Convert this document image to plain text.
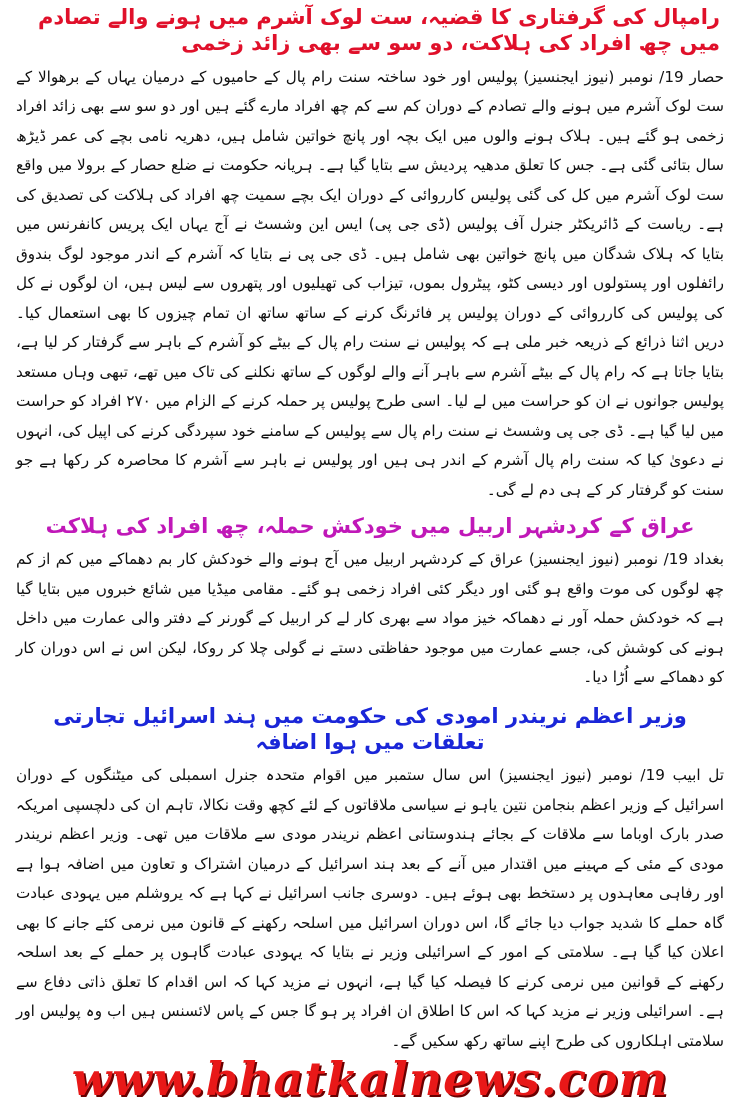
رامپال کی گرفتاری کا قضیہ، ست لوک آشرم میں ہونے والے تصادم میں چھ افراد کی ہلاکت، دو سو سے بھی زائد زخمی

حصار 19/ نومبر (نیوز ایجنسیز) پولیس اور خود ساختہ سنت رام پال کے حامیوں کے درمیان یہاں کے برھوالا کے ست لوک آشرم میں ہونے والے تصادم کے دوران کم سے کم چھ افراد مارے گئے ہیں اور دو سو سے بھی زائد افراد زخمی ہو گئے ہیں۔ ہلاک ہونے والوں میں ایک بچہ اور پانچ خواتین شامل ہیں، دھریہ نامی بچے کی عمر ڈیڑھ سال بتائی گئی ہے۔ جس کا تعلق مدھیہ پردیش سے بتایا گیا ہے۔ ہریانہ حکومت نے ضلع حصار کے برولا میں واقع ست لوک آشرم میں کل کی گئی پولیس کارروائی کے دوران ایک بچے سمیت چھ افراد کی ہلاکت کی تصدیق کی ہے۔ ریاست کے ڈائریکٹر جنرل آف پولیس (ڈی جی پی) ایس این وشسٹ نے آج یہاں ایک پریس کانفرنس میں بتایا کہ ہلاک شدگان میں پانچ خواتین بھی شامل ہیں۔ ڈی جی پی نے بتایا کہ آشرم کے اندر موجود لوگ بندوق رائفلوں اور پستولوں اور دیسی کٹو، پیٹرول بموں، تیزاب کی تھیلیوں اور پتھروں سے لیس ہیں، ان لوگوں نے کل کی پولیس کی کارروائی کے دوران پولیس پر فائرنگ کرنے کے ساتھ ساتھ ان تمام چیزوں کا بھی استعمال کیا۔ دریں اثنا ذرائع کے ذریعہ خبر ملی ہے کہ پولیس نے سنت رام پال کے بیٹے کو آشرم کے باہر سے گرفتار کر لیا ہے، بتایا جاتا ہے کہ رام پال کے بیٹے آشرم سے باہر آنے والے لوگوں کے ساتھ نکلنے کی تاک میں تھے، تبھی وہاں مستعد پولیس جوانوں نے ان کو حراست میں لے لیا۔ اسی طرح پولیس پر حملہ کرنے کے الزام میں ۲۷۰ افراد کو حراست میں لیا گیا ہے۔ ڈی جی پی وشسٹ نے سنت رام پال سے پولیس کے سامنے خود سپردگی کرنے کی اپیل کی، انہوں نے دعویٰ کیا کہ سنت رام پال آشرم کے اندر ہی ہیں اور پولیس نے باہر سے آشرم کا محاصرہ کر رکھا ہے جو سنت کو گرفتار کر کے ہی دم لے گی۔

عراق کے کردشہر اربیل میں خودکش حملہ، چھ افراد کی ہلاکت

بغداد 19/ نومبر (نیوز ایجنسیز) عراق کے کردشہر اربیل میں آج ہونے والے خودکش کار بم دھماکے میں کم از کم چھ لوگوں کی موت واقع ہو گئی اور دیگر کئی افراد زخمی ہو گئے۔ مقامی میڈیا میں شائع خبروں میں بتایا گیا ہے کہ خودکش حملہ آور نے دھماکہ خیز مواد سے بھری کار لے کر اربیل کے گورنر کے دفتر والی عمارت میں داخل ہونے کی کوشش کی، جسے عمارت میں موجود حفاظتی دستے نے گولی چلا کر روکا، لیکن اس نے اس دوران کار کو دھماکے سے اُڑا دیا۔

وزیر اعظم نریندر امودی کی حکومت میں ہند اسرائیل تجارتی تعلقات میں ہوا اضافہ

تل ابیب 19/ نومبر (نیوز ایجنسیز) اس سال ستمبر میں اقوام متحدہ جنرل اسمبلی کی میٹنگوں کے دوران اسرائیل کے وزیر اعظم بنجامن نتین یاہو نے سیاسی ملاقاتوں کے لئے کچھ وقت نکالا، تاہم ان کی دلچسپی امریکہ صدر بارک اوباما سے ملاقات کے بجائے ہندوستانی اعظم نریندر مودی سے ملاقات میں تھی۔ وزیر اعظم نریندر مودی کے مئی کے مہینے میں اقتدار میں آنے کے بعد ہند اسرائیل کے درمیان اشتراک و تعاون میں اضافہ ہوا ہے اور رفاہی معاہدوں پر دستخط بھی ہوئے ہیں۔ دوسری جانب اسرائیل نے کہا ہے کہ یروشلم میں یہودی عبادت گاہ حملے کا شدید جواب دیا جائے گا، اس دوران اسرائیل میں اسلحہ رکھنے کے قانون میں نرمی کئے جانے کا بھی اعلان کیا گیا ہے۔ سلامتی کے امور کے اسرائیلی وزیر نے بتایا کہ یہودی عبادت گاہوں پر حملے کے بعد اسلحہ رکھنے کے قوانین میں نرمی کرنے کا فیصلہ کیا گیا ہے، انہوں نے مزید کہا کہ اس اقدام کا تعلق ذاتی دفاع سے ہے۔ اسرائیلی وزیر نے مزید کہا کہ اس کا اطلاق ان افراد پر ہو گا جس کے پاس لائسنس ہیں اب وہ پولیس اور سلامتی اہلکاروں کی طرح اپنے ساتھ رکھ سکیں گے۔

www.bhatkalnews.com
